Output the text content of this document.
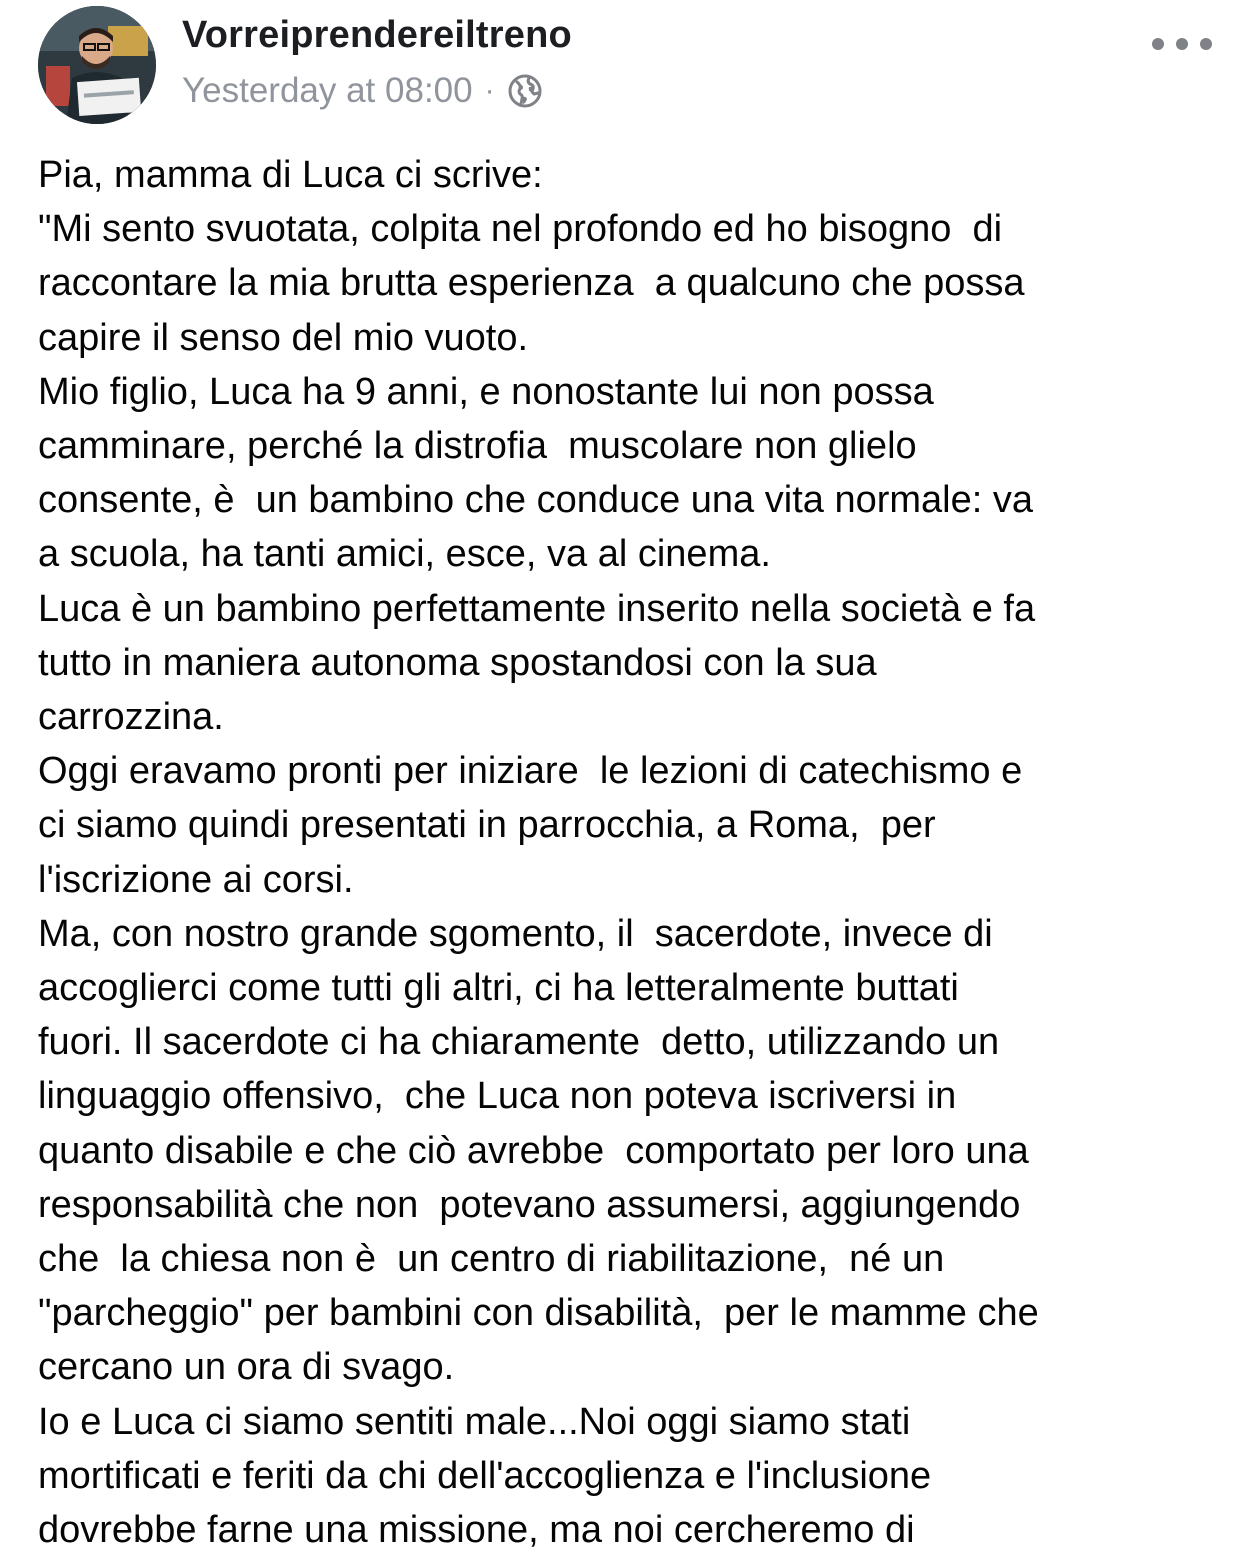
Vorreiprendereiltreno
Yesterday at 08:00 ·
Pia, mamma di Luca ci scrive:
"Mi sento svuotata, colpita nel profondo ed ho bisogno  di
raccontare la mia brutta esperienza  a qualcuno che possa
capire il senso del mio vuoto.
Mio figlio, Luca ha 9 anni, e nonostante lui non possa
camminare, perché la distrofia  muscolare non glielo
consente, è  un bambino che conduce una vita normale: va
a scuola, ha tanti amici, esce, va al cinema.
Luca è un bambino perfettamente inserito nella società e fa
tutto in maniera autonoma spostandosi con la sua
carrozzina.
Oggi eravamo pronti per iniziare  le lezioni di catechismo e
ci siamo quindi presentati in parrocchia, a Roma,  per
l'iscrizione ai corsi.
Ma, con nostro grande sgomento, il  sacerdote, invece di
accoglierci come tutti gli altri, ci ha letteralmente buttati
fuori. Il sacerdote ci ha chiaramente  detto, utilizzando un
linguaggio offensivo,  che Luca non poteva iscriversi in
quanto disabile e che ciò avrebbe  comportato per loro una
responsabilità che non  potevano assumersi, aggiungendo
che  la chiesa non è  un centro di riabilitazione,  né un
"parcheggio" per bambini con disabilità,  per le mamme che
cercano un ora di svago.
Io e Luca ci siamo sentiti male...Noi oggi siamo stati
mortificati e feriti da chi dell'accoglienza e l'inclusione
dovrebbe farne una missione, ma noi cercheremo di
